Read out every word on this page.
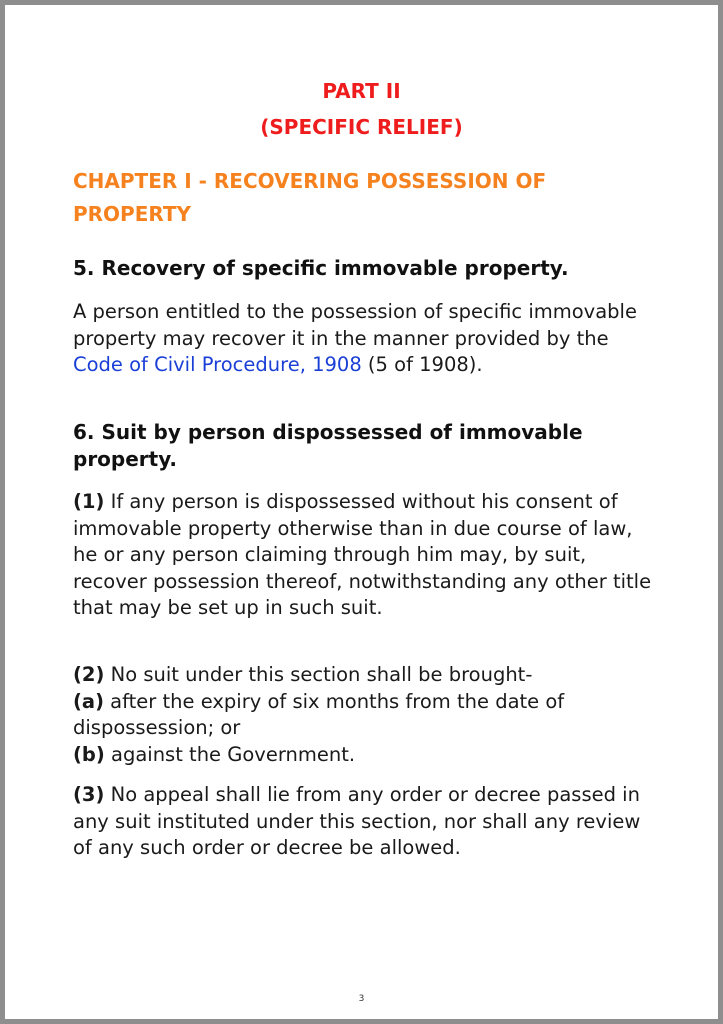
PART II
(SPECIFIC RELIEF)
CHAPTER I - RECOVERING POSSESSION OF PROPERTY
5. Recovery of specific immovable property.
A person entitled to the possession of specific immovable property may recover it in the manner provided by the Code of Civil Procedure, 1908 (5 of 1908).
6. Suit by person dispossessed of immovable property.
(1) If any person is dispossessed without his consent of immovable property otherwise than in due course of law, he or any person claiming through him may, by suit, recover possession thereof, notwithstanding any other title that may be set up in such suit.
(2) No suit under this section shall be brought-
(a) after the expiry of six months from the date of dispossession; or
(b) against the Government.
(3) No appeal shall lie from any order or decree passed in any suit instituted under this section, nor shall any review of any such order or decree be allowed.
3
